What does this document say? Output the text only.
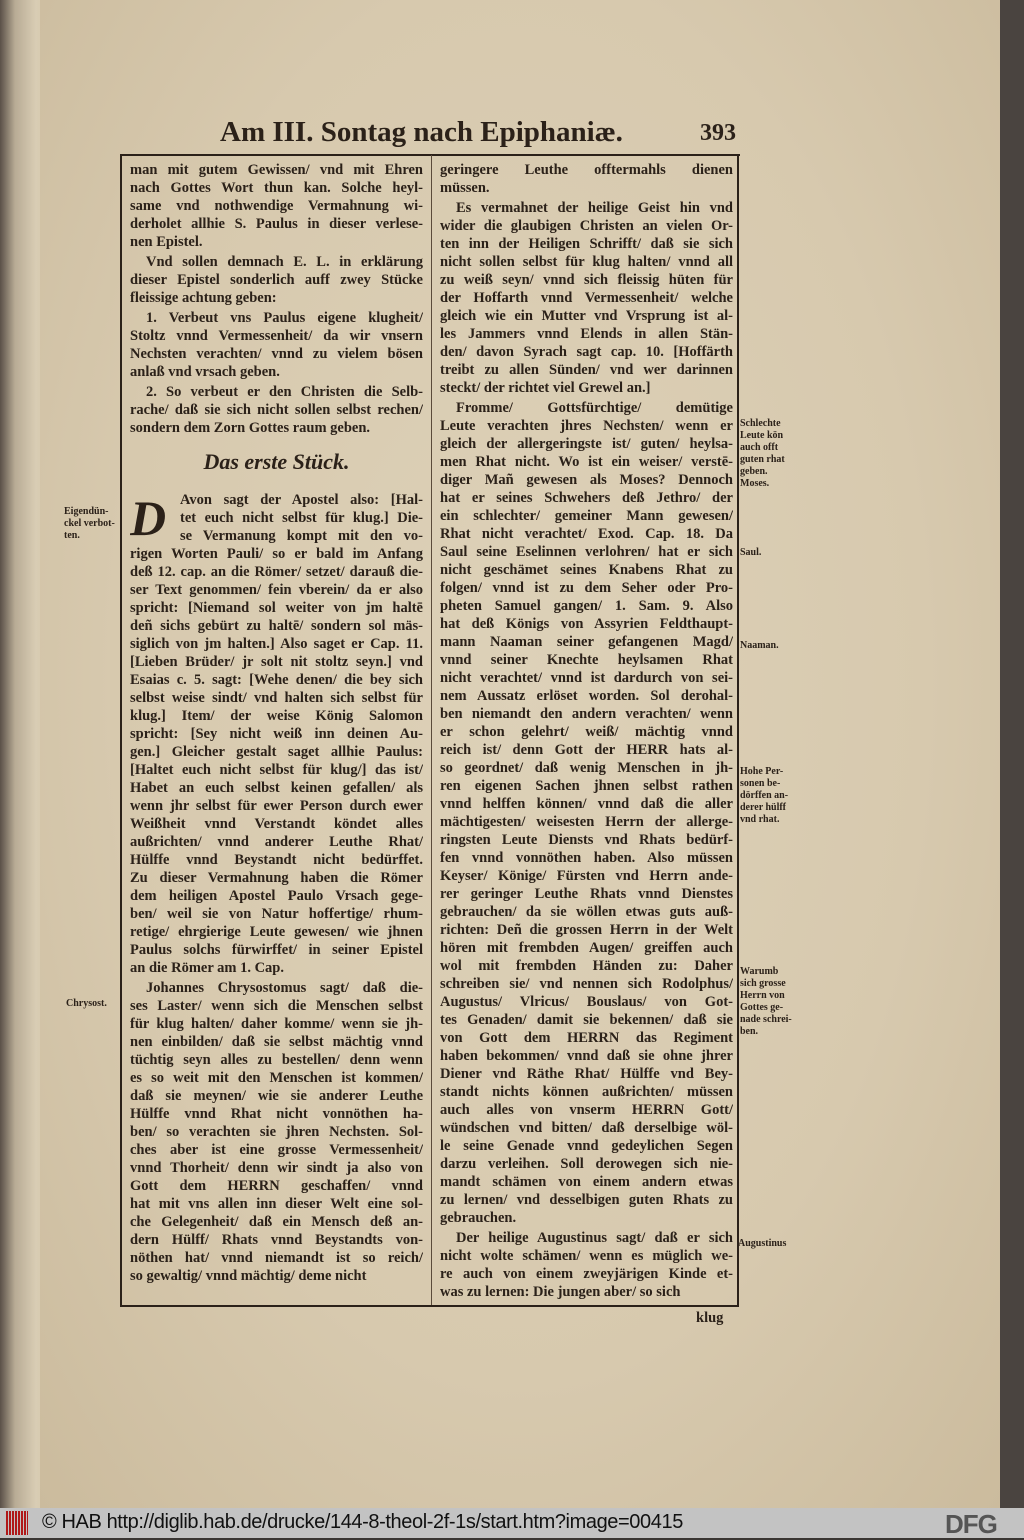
Am III. Sontag nach Epiphaniæ.	393
man mit gutem Gewissen/ vnd mit Ehren
nach Gottes Wort thun kan. Solche heyl-
same vnd nothwendige Vermahnung wi-
derholet allhie S. Paulus in dieser verlese-
nen Epistel.
Vnd sollen demnach E. L. in erklärung
dieser Epistel sonderlich auff zwey Stücke
fleissige achtung geben:
1. Verbeut vns Paulus eigene klugheit/
Stoltz vnnd Vermessenheit/ da wir vnsern
Nechsten verachten/ vnnd zu vielem bösen
anlaß vnd vrsach geben.
2. So verbeut er den Christen die Selb-
rache/ daß sie sich nicht sollen selbst rechen/
sondern dem Zorn Gottes raum geben.
Das erste Stück.
D Avon sagt der Apostel also: [Hal-
tet euch nicht selbst für klug.] Die-
se Vermanung kompt mit den vo-
rigen Worten Pauli/ so er bald im Anfang
deß 12. cap. an die Römer/ setzet/ darauß die-
ser Text genommen/ fein vberein/ da er also
spricht: [Niemand sol weiter von jm haltē
deñ sichs gebürt zu haltē/ sondern sol mäs-
siglich von jm halten.] Also saget er Cap. 11.
[Lieben Brüder/ jr solt nit stoltz seyn.] vnd
Esaias c. 5. sagt: [Wehe denen/ die bey sich
selbst weise sindt/ vnd halten sich selbst für
klug.] Item/ der weise König Salomon
spricht: [Sey nicht weiß inn deinen Au-
gen.] Gleicher gestalt saget allhie Paulus:
[Haltet euch nicht selbst für klug/] das ist/
Habet an euch selbst keinen gefallen/ als
wenn jhr selbst für ewer Person durch ewer
Weißheit vnnd Verstandt köndet alles
außrichten/ vnnd anderer Leuthe Rhat/
Hülffe vnnd Beystandt nicht bedürffet.
Zu dieser Vermahnung haben die Römer
dem heiligen Apostel Paulo Vrsach gege-
ben/ weil sie von Natur hoffertige/ rhum-
retige/ ehrgierige Leute gewesen/ wie jhnen
Paulus solchs fürwirffet/ in seiner Epistel
an die Römer am 1. Cap.
Johannes Chrysostomus sagt/ daß die-
ses Laster/ wenn sich die Menschen selbst
für klug halten/ daher komme/ wenn sie jh-
nen einbilden/ daß sie selbst mächtig vnnd
tüchtig seyn alles zu bestellen/ denn wenn
es so weit mit den Menschen ist kommen/
daß sie meynen/ wie sie anderer Leuthe
Hülffe vnnd Rhat nicht vonnöthen ha-
ben/ so verachten sie jhren Nechsten. Sol-
ches aber ist eine grosse Vermessenheit/
vnnd Thorheit/ denn wir sindt ja also von
Gott dem HERRN geschaffen/ vnnd
hat mit vns allen inn dieser Welt eine sol-
che Gelegenheit/ daß ein Mensch deß an-
dern Hülff/ Rhats vnnd Beystandts von-
nöthen hat/ vnnd niemandt ist so reich/
so gewaltig/ vnnd mächtig/ deme nicht
geringere Leuthe offtermahls dienen
müssen.
Es vermahnet der heilige Geist hin vnd
wider die glaubigen Christen an vielen Or-
ten inn der Heiligen Schrifft/ daß sie sich
nicht sollen selbst für klug halten/ vnnd all
zu weiß seyn/ vnnd sich fleissig hüten für
der Hoffarth vnnd Vermessenheit/ welche
gleich wie ein Mutter vnd Vrsprung ist al-
les Jammers vnnd Elends in allen Stän-
den/ davon Syrach sagt cap. 10. [Hoffärth
treibt zu allen Sünden/ vnd wer darinnen
steckt/ der richtet viel Grewel an.]
Fromme/ Gottsfürchtige/ demütige
Leute verachten jhres Nechsten/ wenn er
gleich der allergeringste ist/ guten/ heylsa-
men Rhat nicht. Wo ist ein weiser/ verstē-
diger Mañ gewesen als Moses? Dennoch
hat er seines Schwehers deß Jethro/ der
ein schlechter/ gemeiner Mann gewesen/
Rhat nicht verachtet/ Exod. Cap. 18. Da
Saul seine Eselinnen verlohren/ hat er sich
nicht geschämet seines Knabens Rhat zu
folgen/ vnnd ist zu dem Seher oder Pro-
pheten Samuel gangen/ 1. Sam. 9. Also
hat deß Königs von Assyrien Feldthaupt-
mann Naaman seiner gefangenen Magd/
vnnd seiner Knechte heylsamen Rhat
nicht verachtet/ vnnd ist dardurch von sei-
nem Aussatz erlöset worden. Sol derohal-
ben niemandt den andern verachten/ wenn
er schon gelehrt/ weiß/ mächtig vnnd
reich ist/ denn Gott der HERR hats al-
so geordnet/ daß wenig Menschen in jh-
ren eigenen Sachen jhnen selbst rathen
vnnd helffen können/ vnnd daß die aller
mächtigesten/ weisesten Herrn der allerge-
ringsten Leute Diensts vnd Rhats bedürf-
fen vnnd vonnöthen haben. Also müssen
Keyser/ Könige/ Fürsten vnd Herrn ande-
rer geringer Leuthe Rhats vnnd Dienstes
gebrauchen/ da sie wöllen etwas guts auß-
richten: Deñ die grossen Herrn in der Welt
hören mit frembden Augen/ greiffen auch
wol mit frembden Händen zu: Daher
schreiben sie/ vnd nennen sich Rodolphus/
Augustus/ Vlricus/ Bouslaus/ von Got-
tes Genaden/ damit sie bekennen/ daß sie
von Gott dem HERRN das Regiment
haben bekommen/ vnnd daß sie ohne jhrer
Diener vnd Räthe Rhat/ Hülffe vnd Bey-
standt nichts können außrichten/ müssen
auch alles von vnserm HERRN Gott/
wündschen vnd bitten/ daß derselbige wöl-
le seine Genade vnnd gedeylichen Segen
darzu verleihen. Soll derowegen sich nie-
mandt schämen von einem andern etwas
zu lernen/ vnd desselbigen guten Rhats zu
gebrauchen.
Der heilige Augustinus sagt/ daß er sich
nicht wolte schämen/ wenn es müglich we-
re auch von einem zweyjärigen Kinde et-
was zu lernen: Die jungen aber/ so sich
Eigendün-
ckel verbot-
ten.
Chrysost.
Schlechte
Leute kön
auch offt
guten rhat
geben.
Moses.
Saul.
Naaman.
Hohe Per-
sonen be-
dörffen an-
derer hülff
vnd rhat.
Warumb
sich grosse
Herrn von
Gottes ge-
nade schrei-
ben.
Augustinus
klug
© HAB http://diglib.hab.de/drucke/144-8-theol-2f-1s/start.htm?image=00415	DFG
